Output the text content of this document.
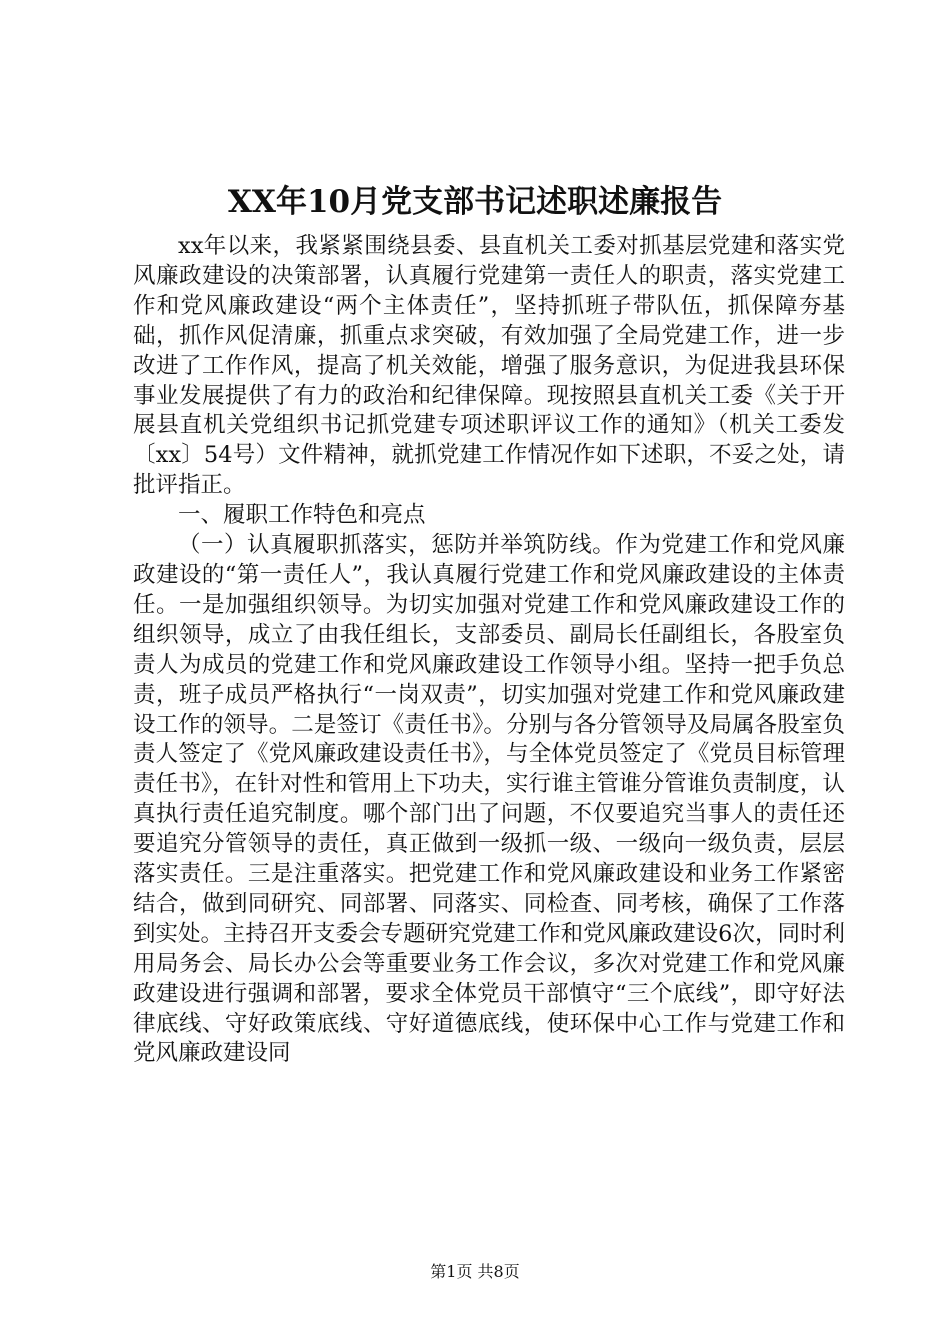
XX年10月党支部书记述职述廉报告

xx年以来，我紧紧围绕县委、县直机关工委对抓基层党建和落实党风廉政建设的决策部署，认真履行党建第一责任人的职责，落实党建工作和党风廉政建设“两个主体责任”，坚持抓班子带队伍，抓保障夯基础，抓作风促清廉，抓重点求突破，有效加强了全局党建工作，进一步改进了工作作风，提高了机关效能，增强了服务意识，为促进我县环保事业发展提供了有力的政治和纪律保障。现按照县直机关工委《关于开展县直机关党组织书记抓党建专项述职评议工作的通知》（机关工委发〔xx〕54号）文件精神，就抓党建工作情况作如下述职，不妥之处，请批评指正。

一、履职工作特色和亮点

（一）认真履职抓落实，惩防并举筑防线。作为党建工作和党风廉政建设的“第一责任人”，我认真履行党建工作和党风廉政建设的主体责任。一是加强组织领导。为切实加强对党建工作和党风廉政建设工作的组织领导，成立了由我任组长，支部委员、副局长任副组长，各股室负责人为成员的党建工作和党风廉政建设工作领导小组。坚持一把手负总责，班子成员严格执行“一岗双责”，切实加强对党建工作和党风廉政建设工作的领导。二是签订《责任书》。分别与各分管领导及局属各股室负责人签定了《党风廉政建设责任书》，与全体党员签定了《党员目标管理责任书》，在针对性和管用上下功夫，实行谁主管谁分管谁负责制度，认真执行责任追究制度。哪个部门出了问题，不仅要追究当事人的责任还要追究分管领导的责任，真正做到一级抓一级、一级向一级负责，层层落实责任。三是注重落实。把党建工作和党风廉政建设和业务工作紧密结合，做到同研究、同部署、同落实、同检查、同考核，确保了工作落到实处。主持召开支委会专题研究党建工作和党风廉政建设6次，同时利用局务会、局长办公会等重要业务工作会议，多次对党建工作和党风廉政建设进行强调和部署，要求全体党员干部慎守“三个底线”，即守好法律底线、守好政策底线、守好道德底线，使环保中心工作与党建工作和党风廉政建设同

第1页 共8页
